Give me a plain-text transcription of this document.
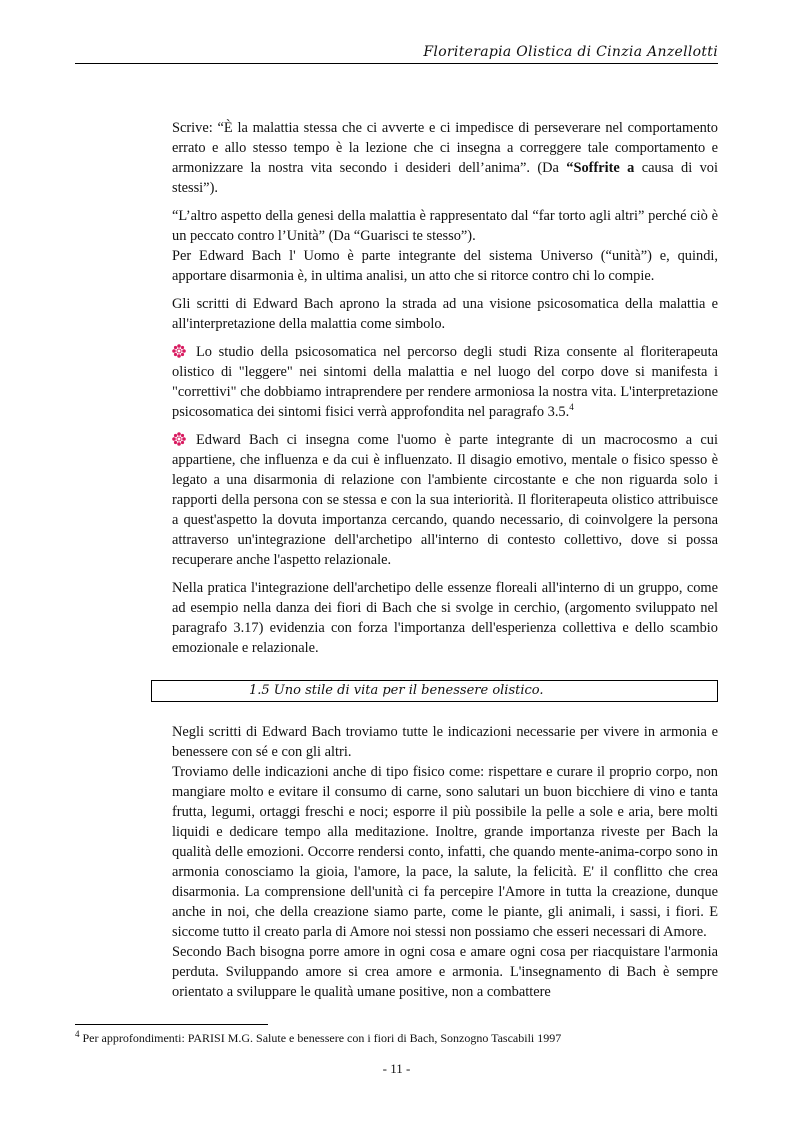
Floriterapia Olistica di Cinzia Anzellotti

Scrive: “È la malattia stessa che ci avverte e ci impedisce di perseverare nel comportamento errato e allo stesso tempo è la lezione che ci insegna a correggere tale comportamento e armonizzare la nostra vita secondo i desideri dell’anima”. (Da “Soffrite a causa di voi stessi”).

“L’altro aspetto della genesi della malattia è rappresentato dal “far torto agli altri” perché ciò è un peccato contro l’Unità” (Da “Guarisci te stesso”).

Per Edward Bach l' Uomo è parte integrante del sistema Universo (“unità”) e, quindi, apportare disarmonia è, in ultima analisi, un atto che si ritorce contro chi lo compie.

Gli scritti di Edward Bach aprono la strada ad una visione psicosomatica della malattia e all'interpretazione della malattia come simbolo.

Lo studio della psicosomatica nel percorso degli studi Riza consente al floriterapeuta olistico di "leggere" nei sintomi della malattia e nel luogo del corpo dove si manifesta i "correttivi" che dobbiamo intraprendere per rendere armoniosa la nostra vita. L'interpretazione psicosomatica dei sintomi fisici verrà approfondita nel paragrafo 3.5.$^4$

Edward Bach ci insegna come l'uomo è parte integrante di un macrocosmo a cui appartiene, che influenza e da cui è influenzato. Il disagio emotivo, mentale o fisico spesso è legato a una disarmonia di relazione con l'ambiente circostante e che non riguarda solo i rapporti della persona con se stessa e con la sua interiorità. Il floriterapeuta olistico attribuisce a quest'aspetto la dovuta importanza cercando, quando necessario, di coinvolgere la persona attraverso un'integrazione dell'archetipo all'interno di contesto collettivo, dove si possa recuperare anche l'aspetto relazionale.

Nella pratica l'integrazione dell'archetipo delle essenze floreali all'interno di un gruppo, come ad esempio nella danza dei fiori di Bach che si svolge in cerchio, (argomento sviluppato nel paragrafo 3.17) evidenzia con forza l'importanza dell'esperienza collettiva e dello scambio emozionale e relazionale.

1.5 Uno stile di vita per il benessere olistico.

Negli scritti di Edward Bach troviamo tutte le indicazioni necessarie per vivere in armonia e benessere con sé e con gli altri.

Troviamo delle indicazioni anche di tipo fisico come: rispettare e curare il proprio corpo, non mangiare molto e evitare il consumo di carne, sono salutari un buon bicchiere di vino e tanta frutta, legumi, ortaggi freschi e noci; esporre il più possibile la pelle a sole e aria, bere molti liquidi e dedicare tempo alla meditazione. Inoltre, grande importanza riveste per Bach la qualità delle emozioni. Occorre rendersi conto, infatti, che quando mente-anima-corpo sono in armonia conosciamo la gioia, l'amore, la pace, la salute, la felicità. E' il conflitto che crea disarmonia. La comprensione dell'unità ci fa percepire l'Amore in tutta la creazione, dunque anche in noi, che della creazione siamo parte, come le piante, gli animali, i sassi, i fiori. E siccome tutto il creato parla di Amore noi stessi non possiamo che esseri necessari di Amore.

Secondo Bach bisogna porre amore in ogni cosa e amare ogni cosa per riacquistare l'armonia perduta. Sviluppando amore si crea amore e armonia. L'insegnamento di Bach è sempre orientato a sviluppare le qualità umane positive, non a combattere

$^4$ Per approfondimenti: PARISI M.G. Salute e benessere con i fiori di Bach, Sonzogno Tascabili 1997
- 11 -
